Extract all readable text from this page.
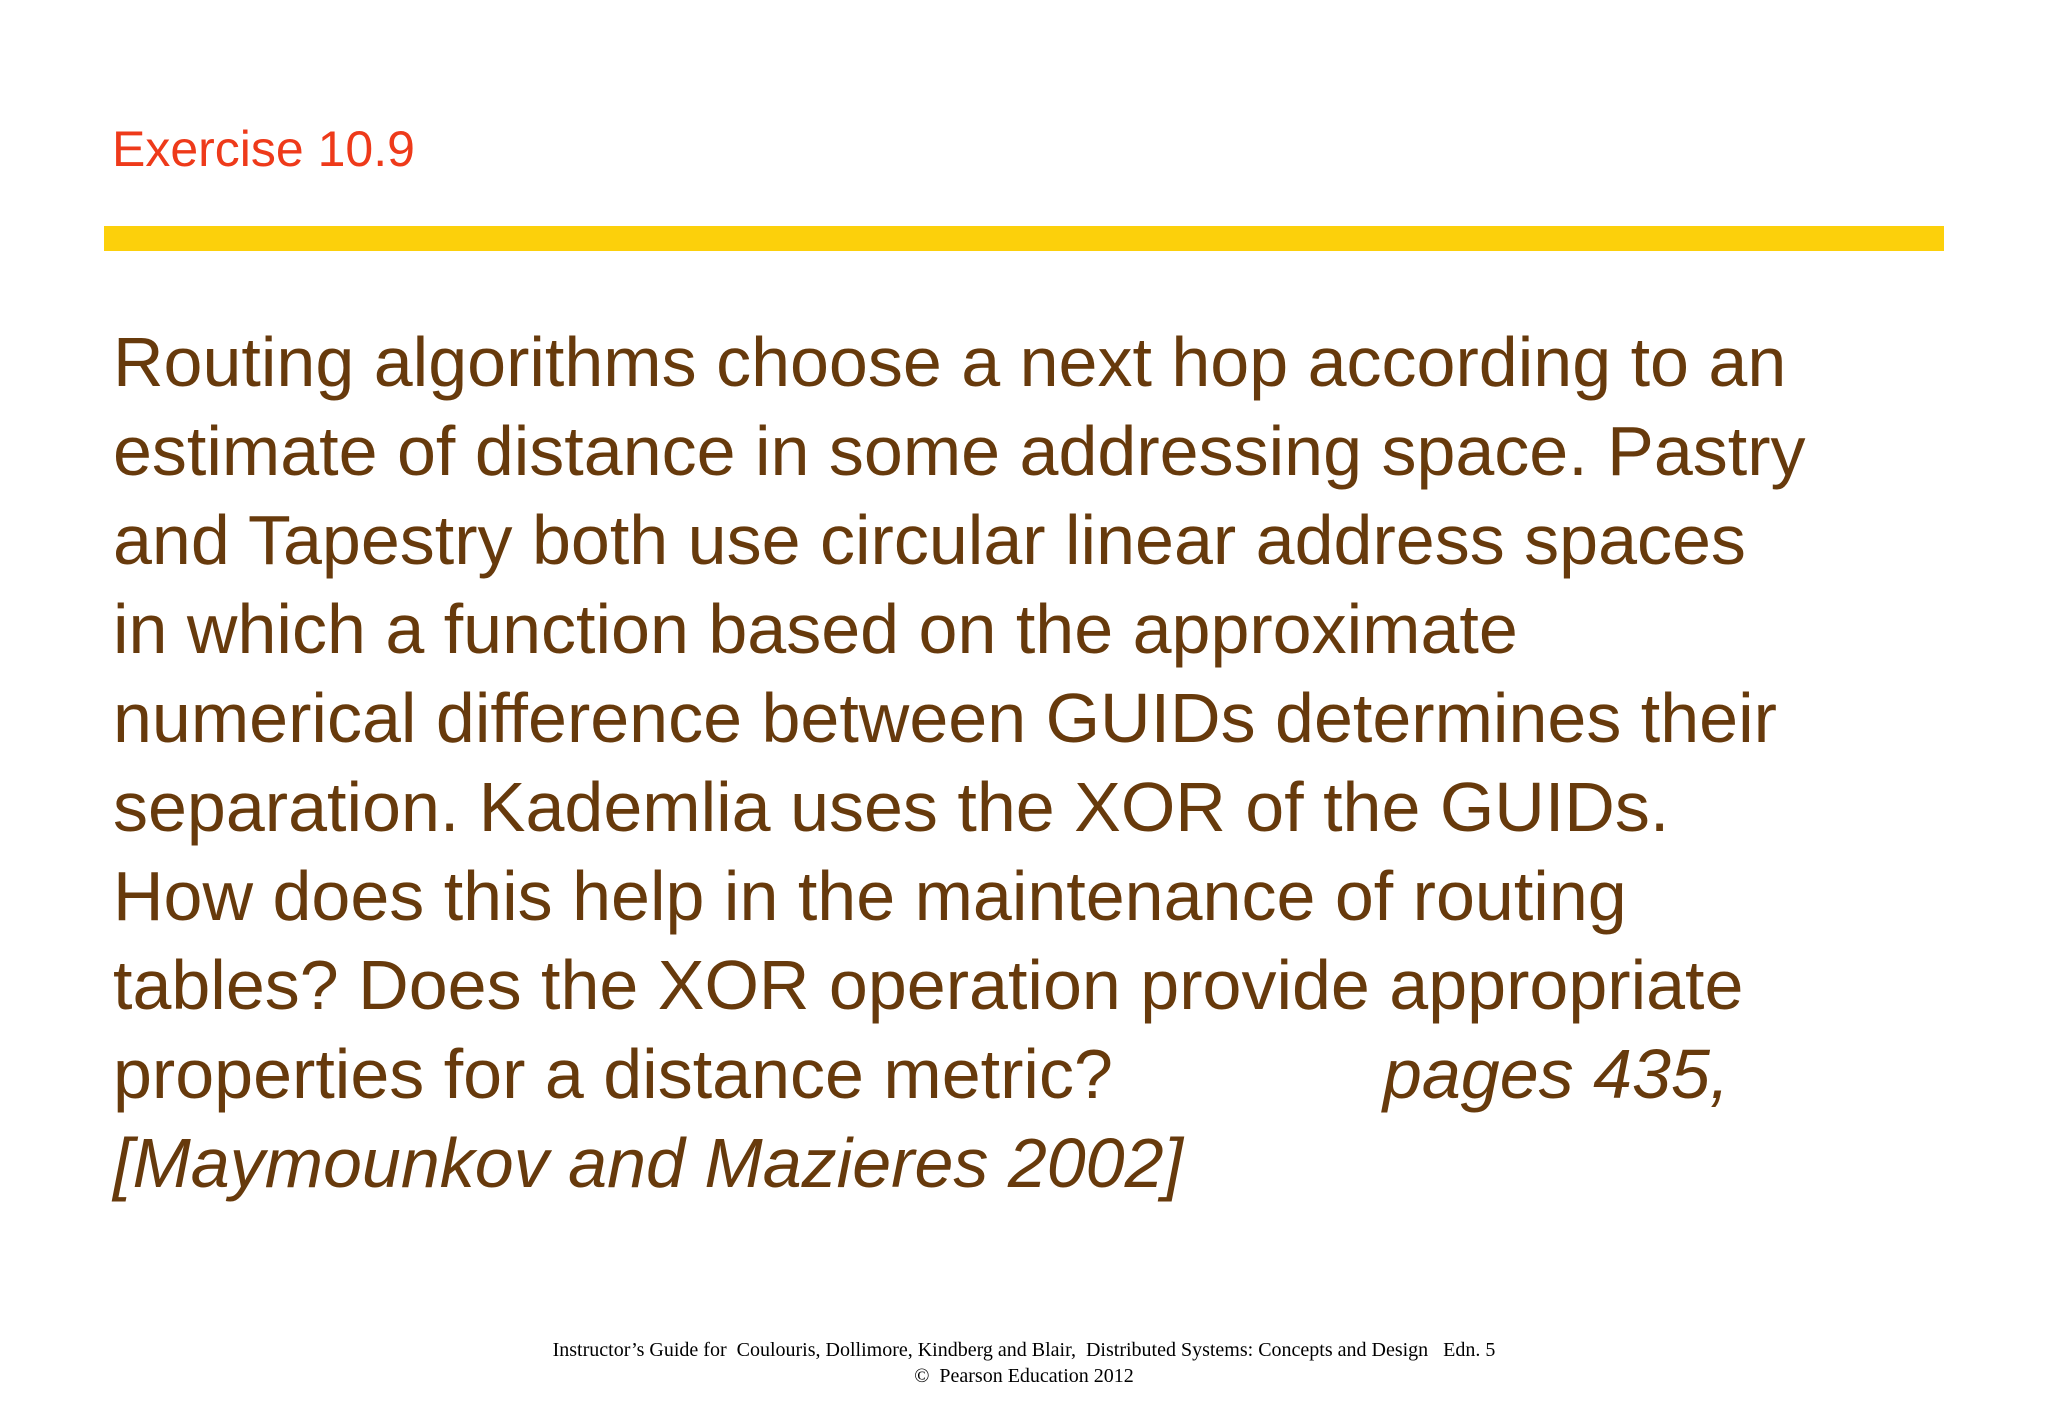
Exercise 10.9
Routing algorithms choose a next hop according to an
estimate of distance in some addressing space. Pastry
and Tapestry both use circular linear address spaces
in which a function based on the approximate
numerical difference between GUIDs determines their
separation. Kademlia uses the XOR of the GUIDs.
How does this help in the maintenance of routing
tables? Does the XOR operation provide appropriate
properties for a distance metric?	pages 435,
[Maymounkov and Mazieres 2002]
Instructor’s Guide for  Coulouris, Dollimore, Kindberg and Blair,  Distributed Systems: Concepts and Design   Edn. 5
©  Pearson Education 2012
